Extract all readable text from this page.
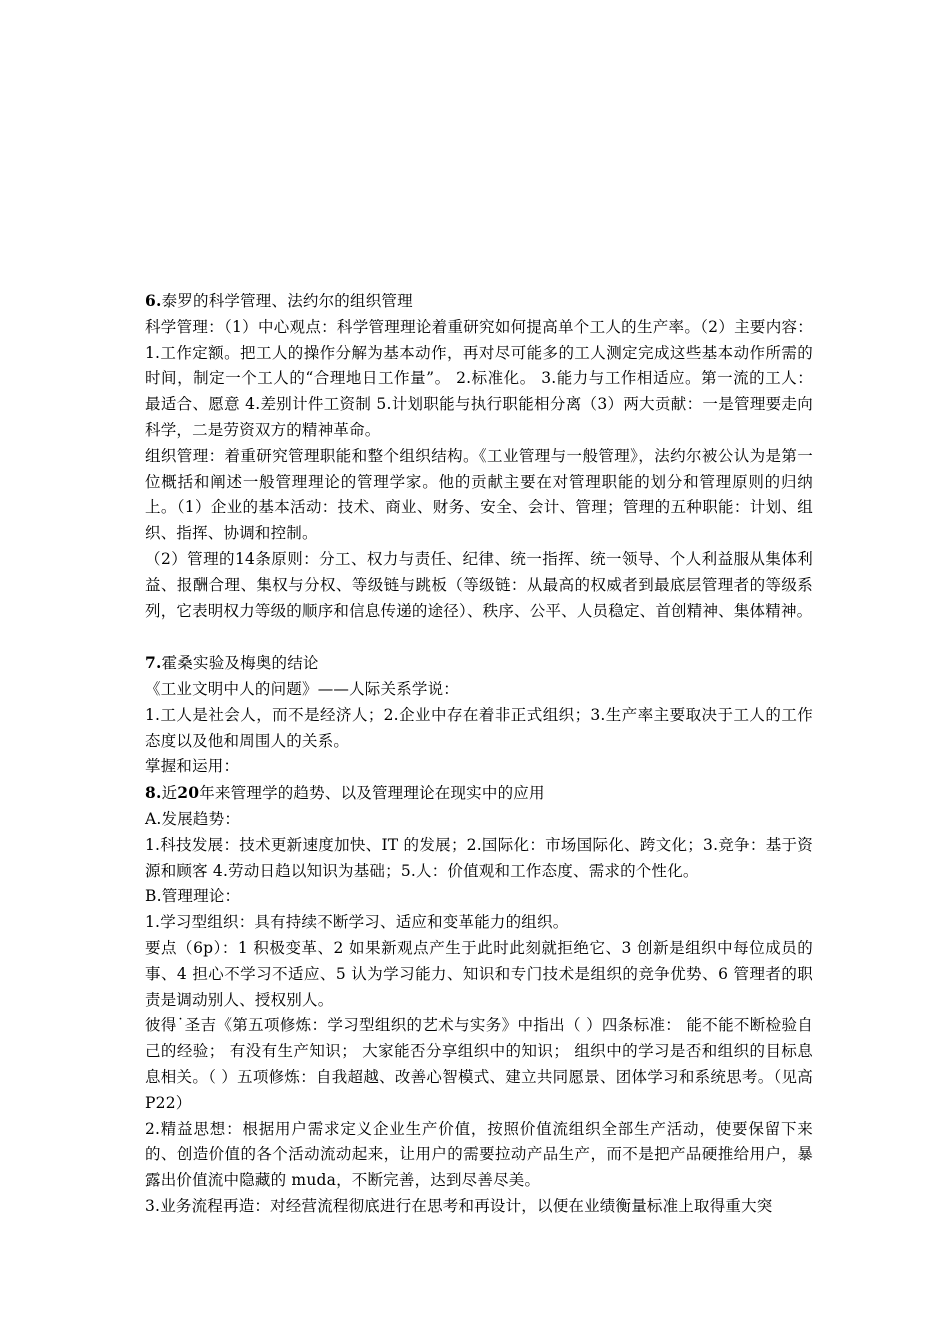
6.泰罗的科学管理、法约尔的组织管理

科学管理：（1）中心观点：科学管理理论着重研究如何提高单个工人的生产率。（2）主要内容：1.工作定额。把工人的操作分解为基本动作，再对尽可能多的工人测定完成这些基本动作所需的时间，制定一个工人的“合理地日工作量”。 2.标准化。 3.能力与工作相适应。第一流的工人：最适合、愿意 4.差别计件工资制 5.计划职能与执行职能相分离（3）两大贡献：一是管理要走向科学，二是劳资双方的精神革命。

组织管理：着重研究管理职能和整个组织结构。《工业管理与一般管理》，法约尔被公认为是第一位概括和阐述一般管理理论的管理学家。他的贡献主要在对管理职能的划分和管理原则的归纳上。（1）企业的基本活动：技术、商业、财务、安全、会计、管理；管理的五种职能：计划、组织、指挥、协调和控制。

（2）管理的14条原则：分工、权力与责任、纪律、统一指挥、统一领导、个人利益服从集体利益、报酬合理、集权与分权、等级链与跳板（等级链：从最高的权威者到最底层管理者的等级系列，它表明权力等级的顺序和信息传递的途径）、秩序、公平、人员稳定、首创精神、集体精神。

7.霍桑实验及梅奥的结论

《工业文明中人的问题》——人际关系学说：

1.工人是社会人，而不是经济人；2.企业中存在着非正式组织；3.生产率主要取决于工人的工作态度以及他和周围人的关系。

掌握和运用：

8.近20年来管理学的趋势、以及管理理论在现实中的应用

A.发展趋势：

1.科技发展：技术更新速度加快、IT 的发展；2.国际化：市场国际化、跨文化；3.竞争：基于资源和顾客 4.劳动日趋以知识为基础；5.人：价值观和工作态度、需求的个性化。

B.管理理论：

1.学习型组织：具有持续不断学习、适应和变革能力的组织。

要点（6p）：1 积极变革、2 如果新观点产生于此时此刻就拒绝它、3 创新是组织中每位成员的事、4 担心不学习不适应、5 认为学习能力、知识和专门技术是组织的竞争优势、6 管理者的职责是调动别人、授权别人。

彼得˙圣吉《第五项修炼：学习型组织的艺术与实务》中指出（ ）四条标准： 能不能不断检验自己的经验； 有没有生产知识； 大家能否分享组织中的知识； 组织中的学习是否和组织的目标息息相关。（ ）五项修炼：自我超越、改善心智模式、建立共同愿景、团体学习和系统思考。（见高 P22）

2.精益思想：根据用户需求定义企业生产价值，按照价值流组织全部生产活动，使要保留下来的、创造价值的各个活动流动起来，让用户的需要拉动产品生产，而不是把产品硬推给用户，暴露出价值流中隐藏的 muda，不断完善，达到尽善尽美。

3.业务流程再造：对经营流程彻底进行在思考和再设计，以便在业绩衡量标准上取得重大突
